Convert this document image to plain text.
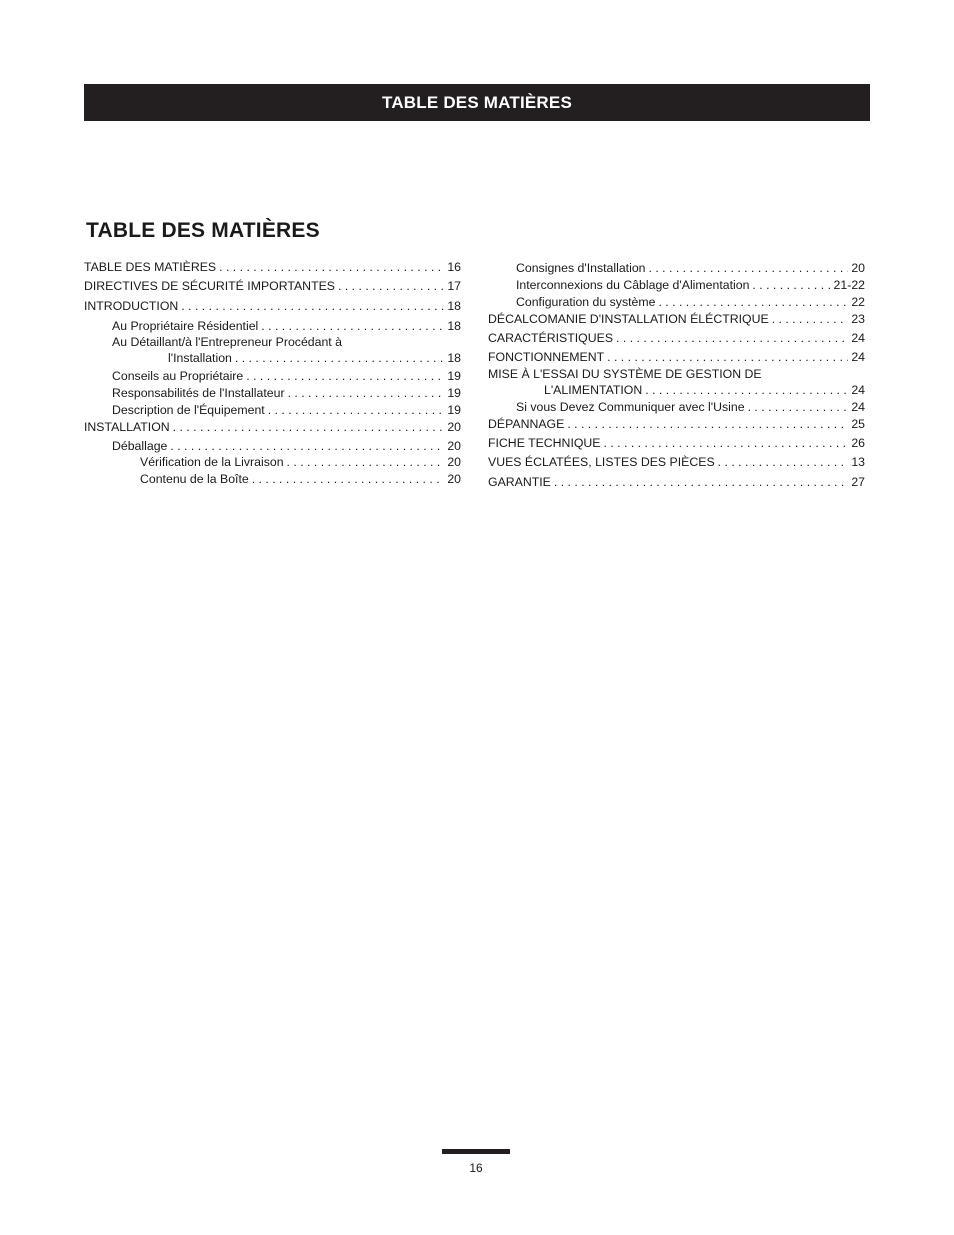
TABLE DES MATIÈRES
TABLE DES MATIÈRES
TABLE DES MATIÈRES . . .	16
DIRECTIVES DE SÉCURITÉ IMPORTANTES . . .	17
INTRODUCTION . . .	18
Au Propriétaire Résidentiel . . .	18
Au Détaillant/à l'Entrepreneur Procédant à
l'Installation . . .	18
Conseils au Propriétaire . . .	19
Responsabilités de l'Installateur . . .	19
Description de l'Équipement . . .	19
INSTALLATION . . .	20
Déballage . . .	20
Vérification de la Livraison . . .	20
Contenu de la Boîte . . .	20
Consignes d'Installation . . .	20
Interconnexions du Câblage d'Alimentation . . .	21-22
Configuration du système . . .	22
DÉCALCOMANIE D'INSTALLATION ÉLÉCTRIQUE . . .	23
CARACTÉRISTIQUES . . .	24
FONCTIONNEMENT . . .	24
MISE À L'ESSAI DU SYSTÈME DE GESTION DE
L'ALIMENTATION . . .	24
Si vous Devez Communiquer avec l'Usine . . .	24
DÉPANNAGE . . .	25
FICHE TECHNIQUE . . .	26
VUES ÉCLATÉES, LISTES DES PIÈCES . . .	13
GARANTIE . . .	27
16
